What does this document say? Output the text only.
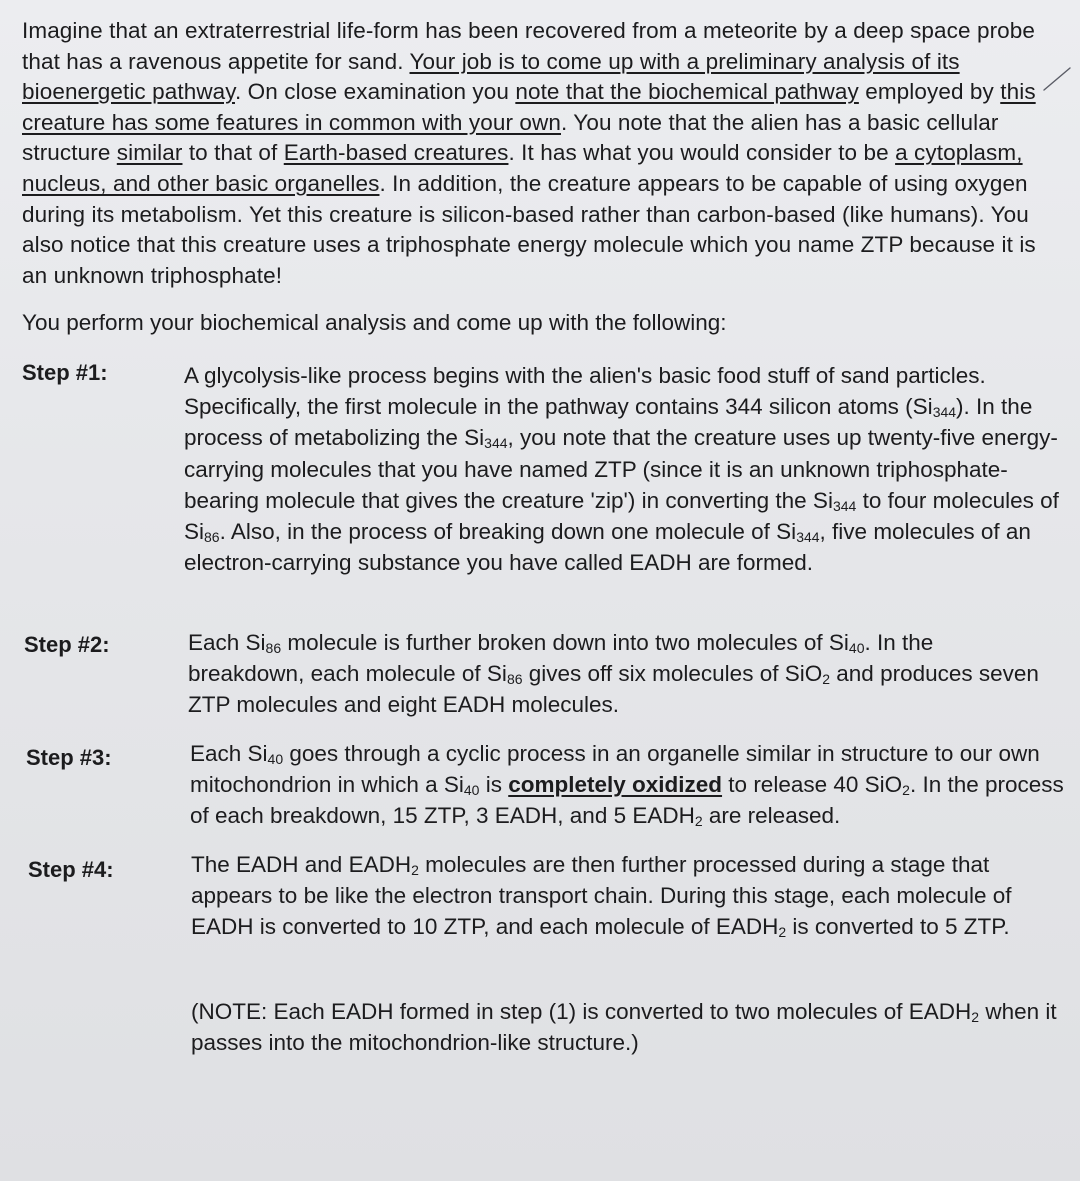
Imagine that an extraterrestrial life-form has been recovered from a meteorite by a deep space probe that has a ravenous appetite for sand. Your job is to come up with a preliminary analysis of its bioenergetic pathway. On close examination you note that the biochemical pathway employed by this creature has some features in common with your own. You note that the alien has a basic cellular structure similar to that of Earth-based creatures. It has what you would consider to be a cytoplasm, nucleus, and other basic organelles. In addition, the creature appears to be capable of using oxygen during its metabolism. Yet this creature is silicon-based rather than carbon-based (like humans). You also notice that this creature uses a triphosphate energy molecule which you name ZTP because it is an unknown triphosphate!

You perform your biochemical analysis and come up with the following:
Step #1:	A glycolysis-like process begins with the alien's basic food stuff of sand particles. Specifically, the first molecule in the pathway contains 344 silicon atoms $(Si_{344})$. In the process of metabolizing the $Si_{344}$, you note that the creature uses up twenty-five energy- carrying molecules that you have named ZTP (since it is an unknown triphosphate-bearing molecule that gives the creature 'zip') in converting the $Si_{344}$ to four molecules of $Si_{86}$. Also, in the process of breaking down one molecule of $Si_{344}$, five molecules of an electron-carrying substance you have called EADH are formed.

Step #2:	Each $Si_{86}$ molecule is further broken down into two molecules of $Si_{40}$. In the breakdown, each molecule of $Si_{86}$ gives off six molecules of SiO$_2$ and produces seven ZTP molecules and eight EADH molecules.

Step #3:	Each $Si_{40}$ goes through a cyclic process in an organelle similar in structure to our own mitochondrion in which a $Si_{40}$ is completely oxidized to release 40 SiO$_2$. In the process of each breakdown, 15 ZTP, 3 EADH, and 5 $EADH_2$ are released.

Step #4:	The EADH and $EADH_2$ molecules are then further processed during a stage that appears to be like the electron transport chain. During this stage, each molecule of EADH is converted to 10 ZTP, and each molecule of $EADH_2$ is converted to 5 ZTP.

(NOTE: Each EADH formed in step (1) is converted to two molecules of $EADH_2$ when it passes into the mitochondrion-like structure.)
